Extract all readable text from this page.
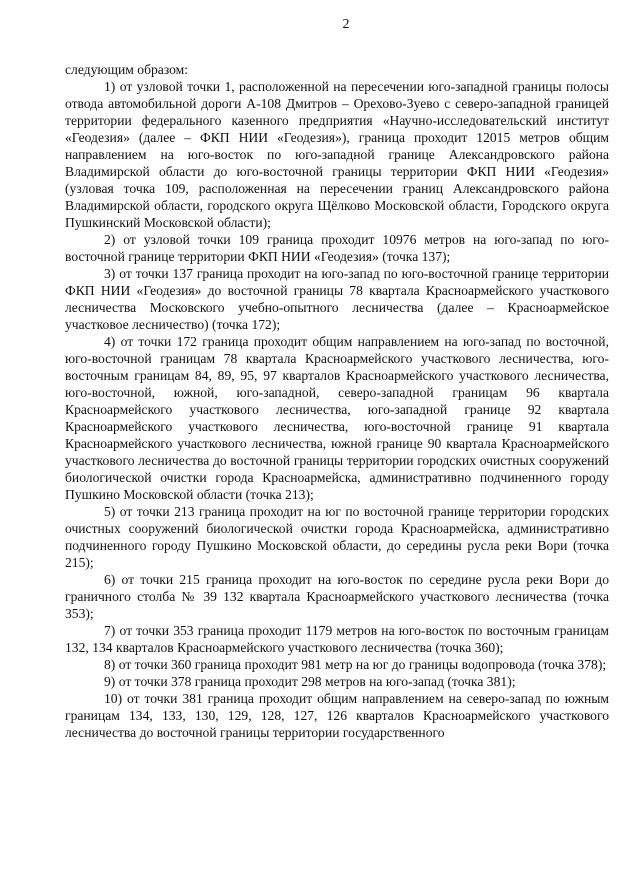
2

следующим образом:

1) от узловой точки 1, расположенной на пересечении юго-западной границы полосы отвода автомобильной дороги А-108 Дмитров – Орехово-Зуево с северо-западной границей территории федерального казенного предприятия «Научно-исследовательский институт «Геодезия» (далее – ФКП НИИ «Геодезия»), граница проходит 12015 метров общим направлением на юго-восток по юго-западной границе Александровского района Владимирской области до юго-восточной границы территории ФКП НИИ «Геодезия» (узловая точка 109, расположенная на пересечении границ Александровского района Владимирской области, городского округа Щёлково Московской области, Городского округа Пушкинский Московской области);

2) от узловой точки 109 граница проходит 10976 метров на юго-запад по юго-восточной границе территории ФКП НИИ «Геодезия» (точка 137);

3) от точки 137 граница проходит на юго-запад по юго-восточной границе территории ФКП НИИ «Геодезия» до восточной границы 78 квартала Красноармейского участкового лесничества Московского учебно-опытного лесничества (далее – Красноармейское участковое лесничество) (точка 172);

4) от точки 172 граница проходит общим направлением на юго-запад по восточной, юго-восточной границам 78 квартала Красноармейского участкового лесничества, юго-восточным границам 84, 89, 95, 97 кварталов Красноармейского участкового лесничества, юго-восточной, южной, юго-западной, северо-западной границам 96 квартала Красноармейского участкового лесничества, юго-западной границе 92 квартала Красноармейского участкового лесничества, юго-восточной границе 91 квартала Красноармейского участкового лесничества, южной границе 90 квартала Красноармейского участкового лесничества до восточной границы территории городских очистных сооружений биологической очистки города Красноармейска, административно подчиненного городу Пушкино Московской области (точка 213);

5) от точки 213 граница проходит на юг по восточной границе территории городских очистных сооружений биологической очистки города Красноармейска, административно подчиненного городу Пушкино Московской области, до середины русла реки Вори (точка 215);

6) от точки 215 граница проходит на юго-восток по середине русла реки Вори до граничного столба № 39 132 квартала Красноармейского участкового лесничества (точка 353);

7) от точки 353 граница проходит 1179 метров на юго-восток по восточным границам 132, 134 кварталов Красноармейского участкового лесничества (точка 360);

8) от точки 360 граница проходит 981 метр на юг до границы водопровода (точка 378);

9) от точки 378 граница проходит 298 метров на юго-запад (точка 381);

10) от точки 381 граница проходит общим направлением на северо-запад по южным границам 134, 133, 130, 129, 128, 127, 126 кварталов Красноармейского участкового лесничества до восточной границы территории государственного
